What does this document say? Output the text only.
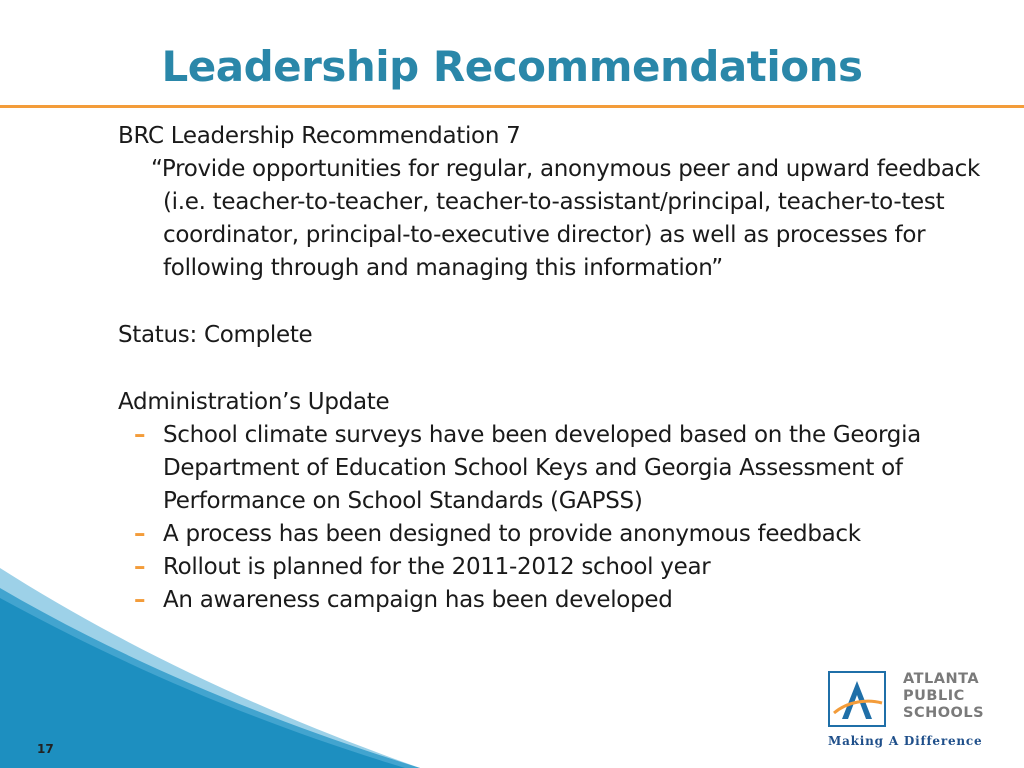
Leadership Recommendations

BRC Leadership Recommendation 7

“Provide opportunities for regular, anonymous peer and upward feedback (i.e. teacher-to-teacher, teacher-to-assistant/principal, teacher-to-test coordinator, principal-to-executive director) as well as processes for following through and managing this information”

Status: Complete

Administration’s Update

– School climate surveys have been developed based on the Georgia Department of Education School Keys and Georgia Assessment of Performance on School Standards (GAPSS)

– A process has been designed to provide anonymous feedback

– Rollout is planned for the 2011-2012 school year

– An awareness campaign has been developed

17
ATLANTA
PUBLIC
SCHOOLS
Making A Difference
